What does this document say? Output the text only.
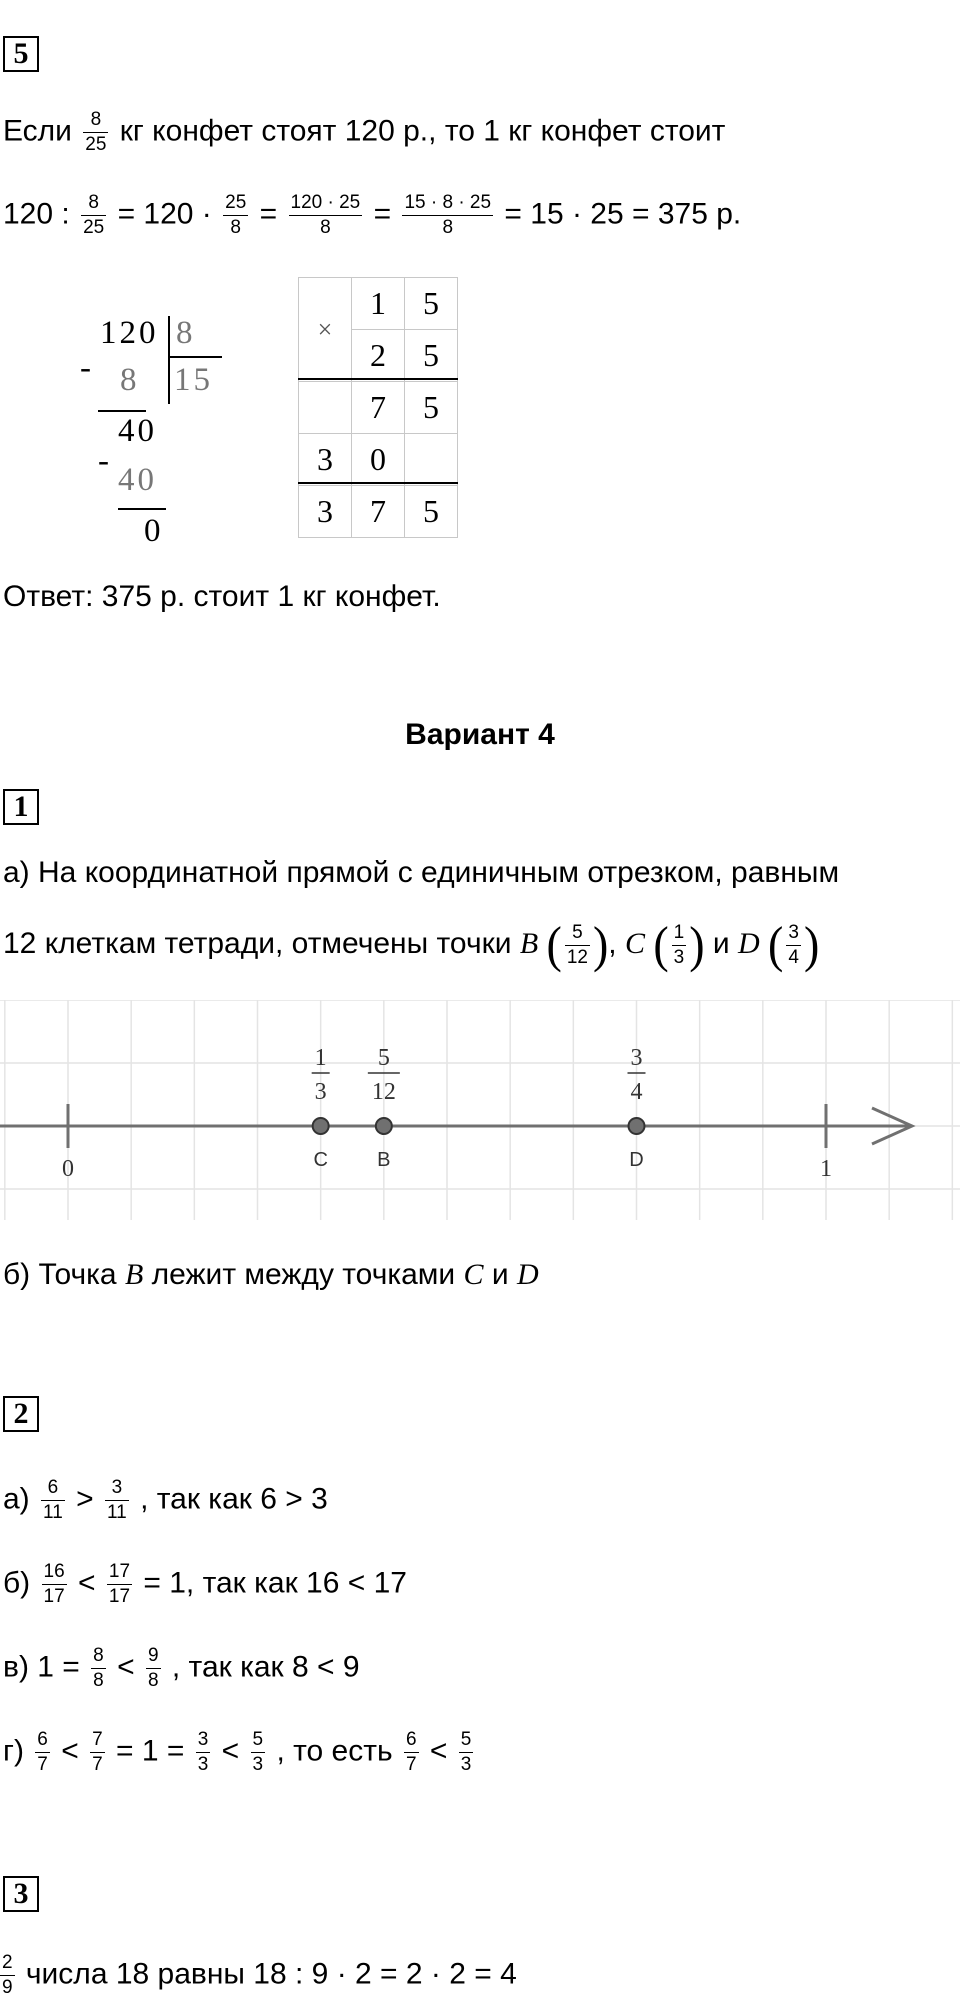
5
Если $\frac{8}{25}$ кг конфет стоят 120 р., то 1 кг конфет стоит
120 : $\frac{8}{25} = 120 \cdot \frac{25}{8} = \frac{120 \cdot 25}{8} = \frac{15 \cdot 8 \cdot 25}{8} = 15 \cdot 25 = 375$ р.
120 8
15
- 8
40
-
40
0
×	1	5
	2	5
	7	5
3	0	
3	7	5
Ответ: 375 р. стоит 1 кг конфет.
Вариант 4
1
а) На координатной прямой с единичным отрезком, равным
12 клеткам тетради, отмечены точки B ( $\frac{5}{12}$ ), C ( $\frac{1}{3}$ ) и D ( $\frac{3}{4}$ )
0	1
C
1
3
B
5
12
D
3
4
б) Точка B лежит между точками C и D
2
$а) \frac{6}{11} > \frac{3}{11}$ , так как 6 > 3
$б) \frac{16}{17} < \frac{17}{17} = 1$, так как 16 < 17
в) $1 = \frac{8}{8} < \frac{9}{8}$ , так как 8 < 9
$г) \frac{6}{7} < \frac{7}{7} = 1 = \frac{3}{3} < \frac{5}{3}$ , то есть $\frac{6}{7} < \frac{5}{3}$
3
$\frac{2}{9}$ числа 18 равны 18 : 9 · 2 = 2 · 2 = 4
